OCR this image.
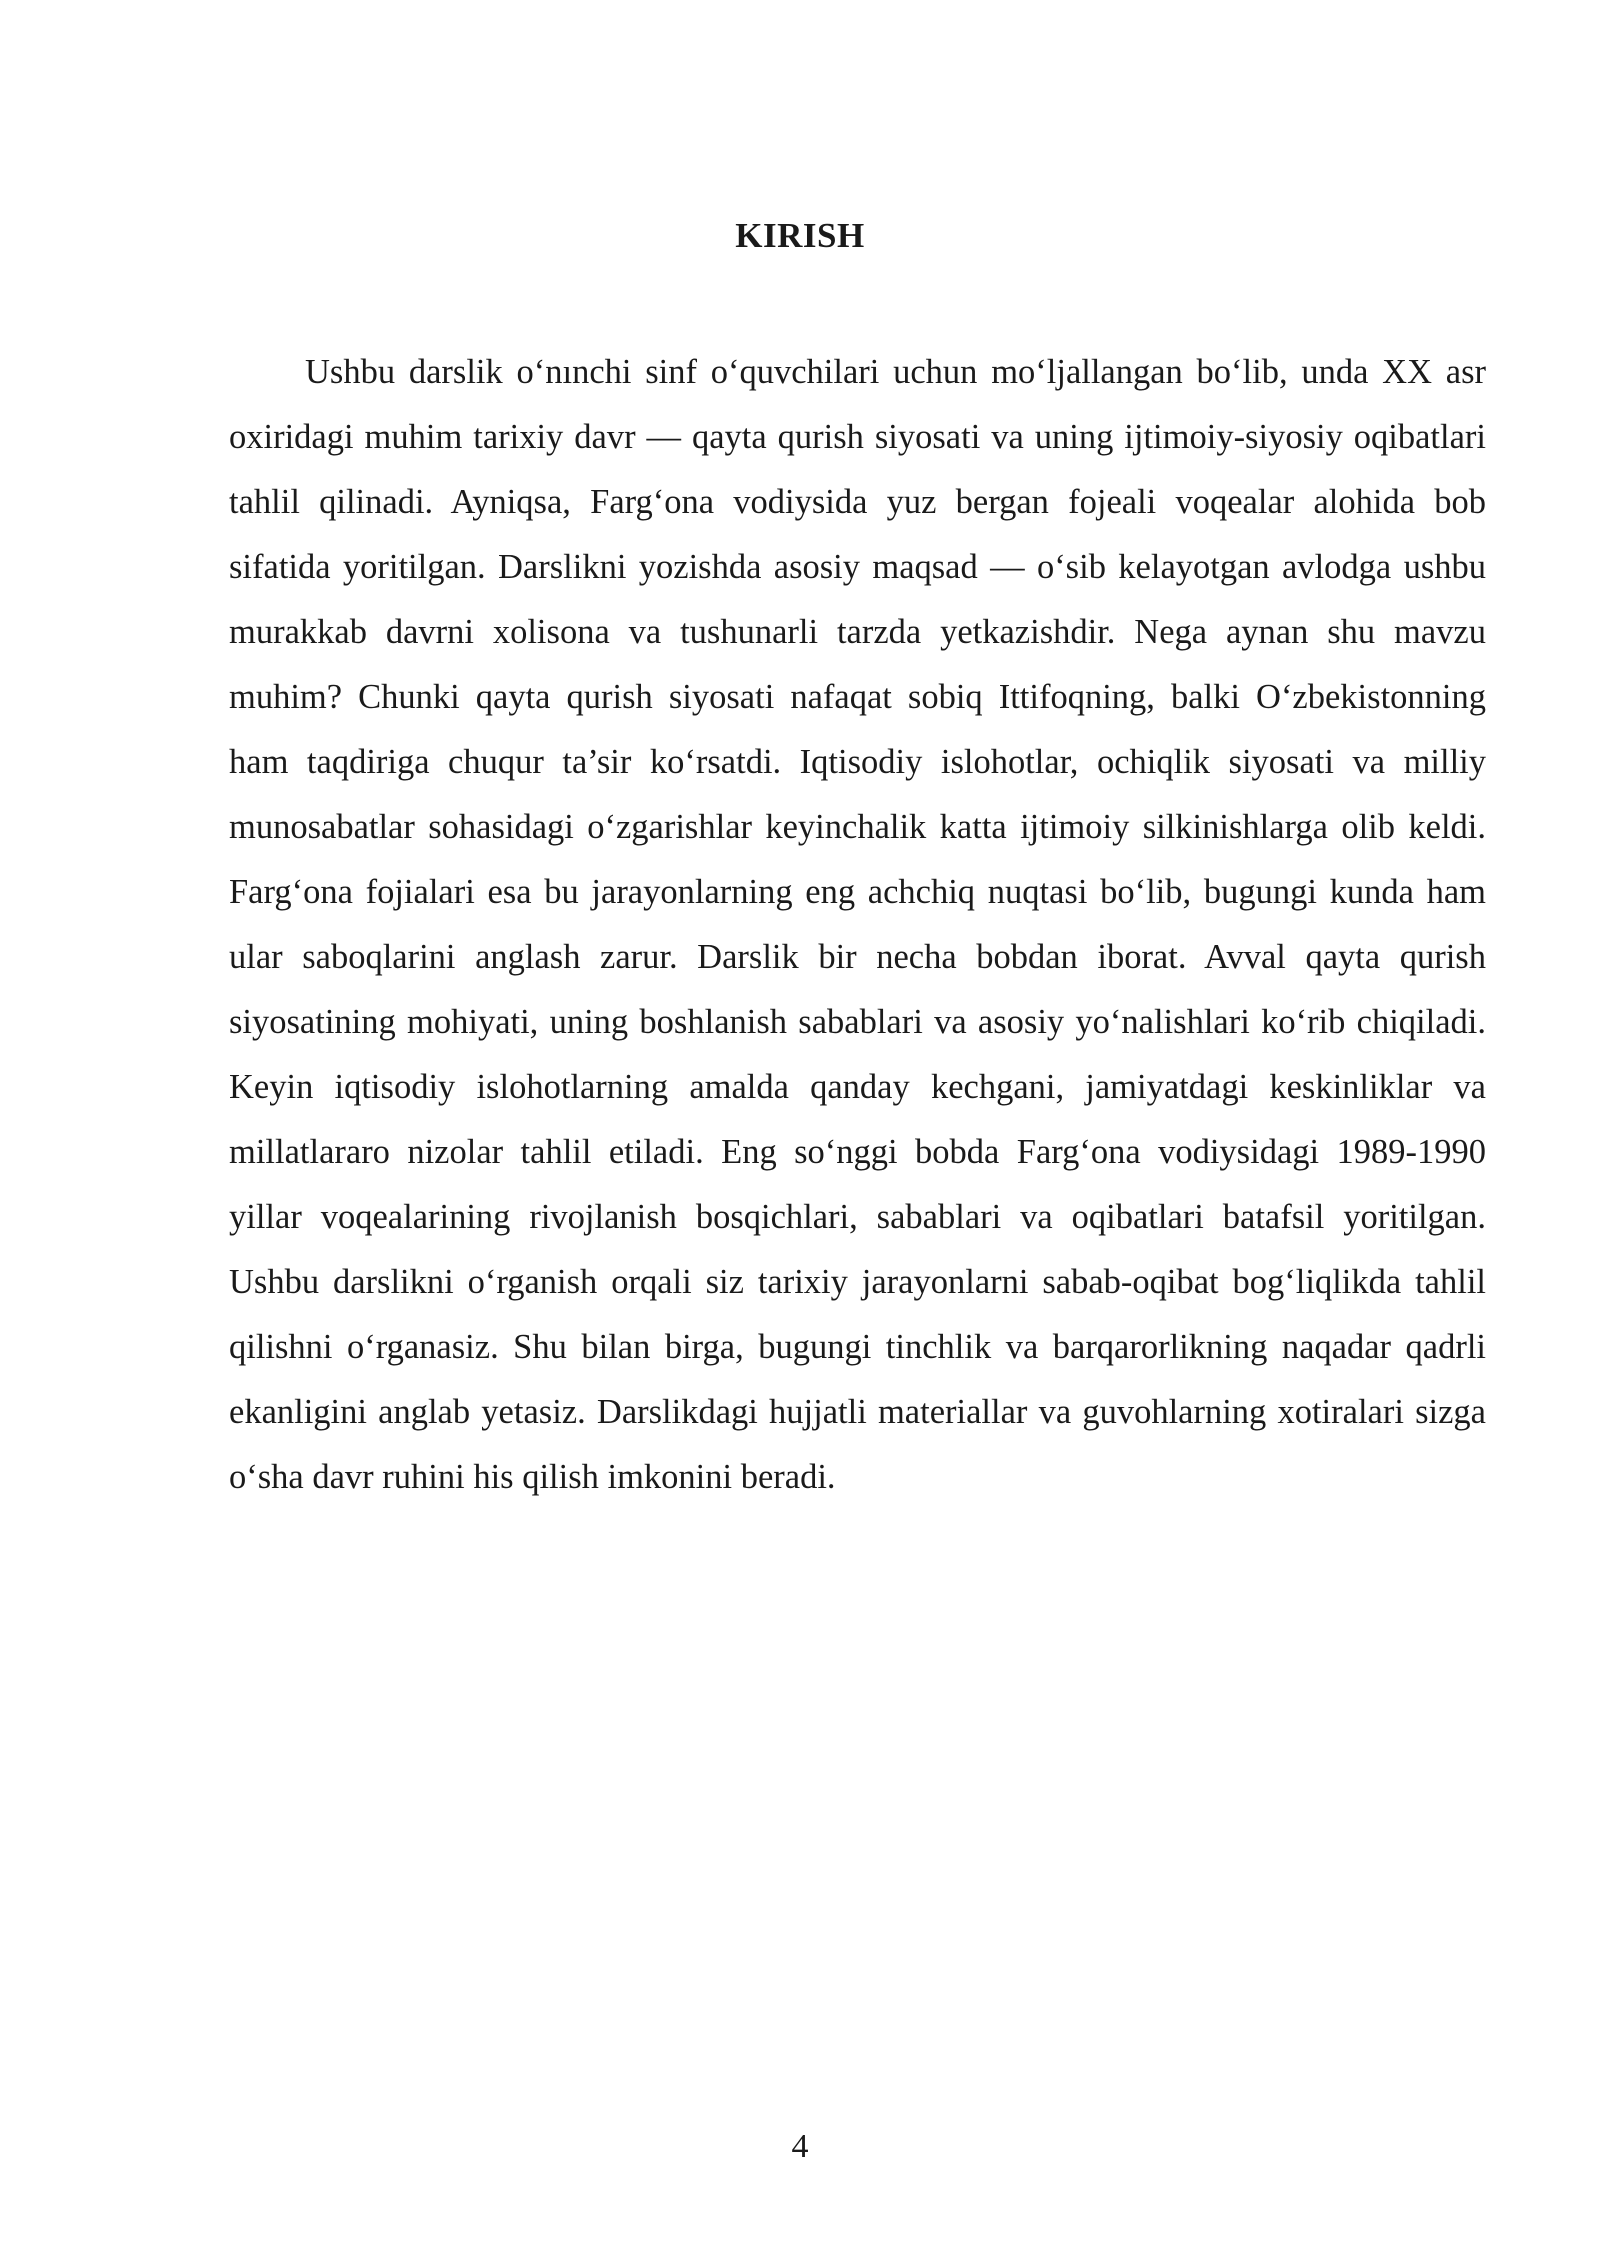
KIRISH

Ushbu darslik o‘nınchi sinf o‘quvchilari uchun mo‘ljallangan bo‘lib, unda XX asr oxiridagi muhim tarixiy davr — qayta qurish siyosati va uning ijtimoiy-siyosiy oqibatlari tahlil qilinadi. Ayniqsa, Farg‘ona vodiysida yuz bergan fojeali voqealar alohida bob sifatida yoritilgan. Darslikni yozishda asosiy maqsad — o‘sib kelayotgan avlodga ushbu murakkab davrni xolisona va tushunarli tarzda yetkazishdir. Nega aynan shu mavzu muhim? Chunki qayta qurish siyosati nafaqat sobiq Ittifoqning, balki O‘zbekistonning ham taqdiriga chuqur ta’sir ko‘rsatdi. Iqtisodiy islohotlar, ochiqlik siyosati va milliy munosabatlar sohasidagi o‘zgarishlar keyinchalik katta ijtimoiy silkinishlarga olib keldi. Farg‘ona fojialari esa bu jarayonlarning eng achchiq nuqtasi bo‘lib, bugungi kunda ham ular saboqlarini anglash zarur. Darslik bir necha bobdan iborat. Avval qayta qurish siyosatining mohiyati, uning boshlanish sabablari va asosiy yo‘nalishlari ko‘rib chiqiladi. Keyin iqtisodiy islohotlarning amalda qanday kechgani, jamiyatdagi keskinliklar va millatlararo nizolar tahlil etiladi. Eng so‘nggi bobda Farg‘ona vodiysidagi 1989-1990 yillar voqealarining rivojlanish bosqichlari, sabablari va oqibatlari batafsil yoritilgan. Ushbu darslikni o‘rganish orqali siz tarixiy jarayonlarni sabab-oqibat bog‘liqlikda tahlil qilishni o‘rganasiz. Shu bilan birga, bugungi tinchlik va barqarorlikning naqadar qadrli ekanligini anglab yetasiz. Darslikdagi hujjatli materiallar va guvohlarning xotiralari sizga o‘sha davr ruhini his qilish imkonini beradi.

4
